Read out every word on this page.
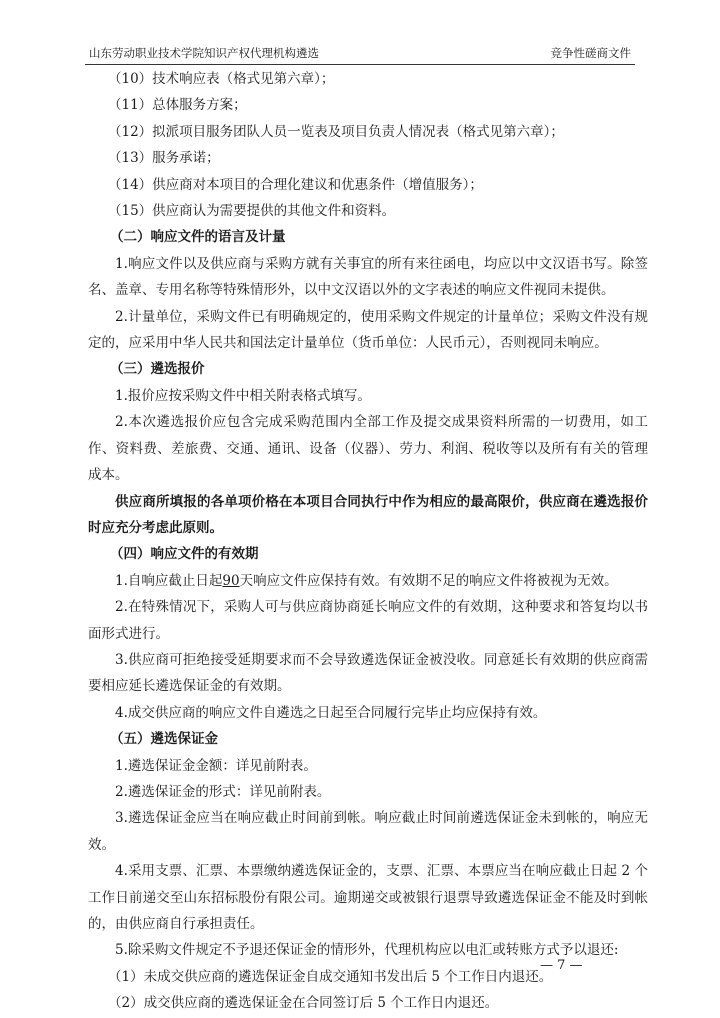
山东劳动职业技术学院知识产权代理机构遴选	竞争性磋商文件

（10）技术响应表（格式见第六章）；

（11）总体服务方案；

（12）拟派项目服务团队人员一览表及项目负责人情况表（格式见第六章）；

（13）服务承诺；

（14）供应商对本项目的合理化建议和优惠条件（增值服务）；

（15）供应商认为需要提供的其他文件和资料。

（二）响应文件的语言及计量

1.响应文件以及供应商与采购方就有关事宜的所有来往函电，均应以中文汉语书写。除签名、盖章、专用名称等特殊情形外，以中文汉语以外的文字表述的响应文件视同未提供。

2.计量单位，采购文件已有明确规定的，使用采购文件规定的计量单位；采购文件没有规定的，应采用中华人民共和国法定计量单位（货币单位：人民币元），否则视同未响应。

（三）遴选报价

1.报价应按采购文件中相关附表格式填写。

2.本次遴选报价应包含完成采购范围内全部工作及提交成果资料所需的一切费用，如工作、资料费、差旅费、交通、通讯、设备（仪器）、劳力、利润、税收等以及所有有关的管理成本。

供应商所填报的各单项价格在本项目合同执行中作为相应的最高限价，供应商在遴选报价时应充分考虑此原则。

（四）响应文件的有效期

1.自响应截止日起90天响应文件应保持有效。有效期不足的响应文件将被视为无效。

2.在特殊情况下，采购人可与供应商协商延长响应文件的有效期，这种要求和答复均以书面形式进行。

3.供应商可拒绝接受延期要求而不会导致遴选保证金被没收。同意延长有效期的供应商需要相应延长遴选保证金的有效期。

4.成交供应商的响应文件自遴选之日起至合同履行完毕止均应保持有效。

（五）遴选保证金

1.遴选保证金金额：详见前附表。

2.遴选保证金的形式：详见前附表。

3.遴选保证金应当在响应截止时间前到帐。响应截止时间前遴选保证金未到帐的，响应无效。

4.采用支票、汇票、本票缴纳遴选保证金的，支票、汇票、本票应当在响应截止日起 2 个工作日前递交至山东招标股份有限公司。逾期递交或被银行退票导致遴选保证金不能及时到帐的，由供应商自行承担责任。

5.除采购文件规定不予退还保证金的情形外，代理机构应以电汇或转账方式予以退还:

（1）未成交供应商的遴选保证金自成交通知书发出后 5 个工作日内退还。

（2）成交供应商的遴选保证金在合同签订后 5 个工作日内退还。

— 7 —
